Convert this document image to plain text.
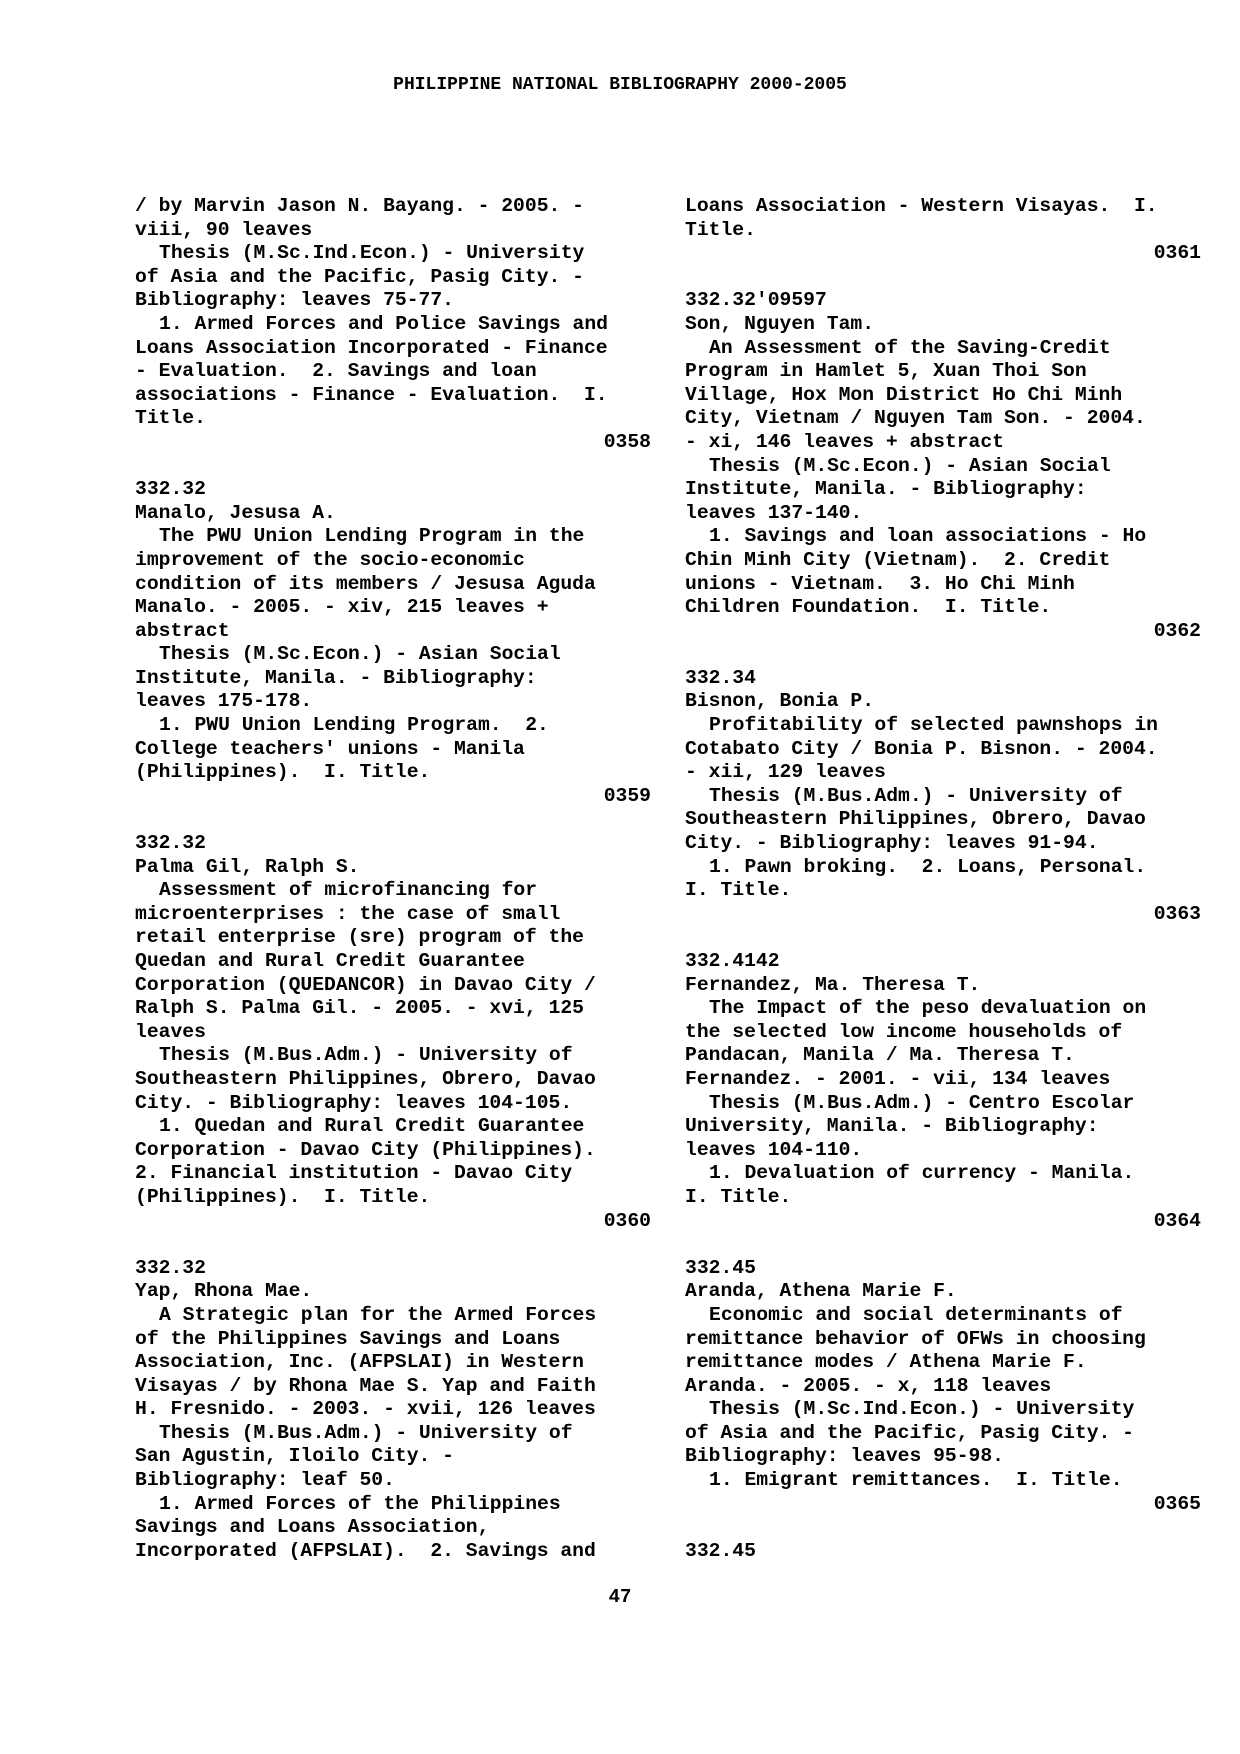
PHILIPPINE NATIONAL BIBLIOGRAPHY 2000-2005
/ by Marvin Jason N. Bayang. - 2005. -
viii, 90 leaves
Thesis (M.Sc.Ind.Econ.) - University
of Asia and the Pacific, Pasig City. -
Bibliography: leaves 75-77.
1. Armed Forces and Police Savings and
Loans Association Incorporated - Finance
- Evaluation.  2. Savings and loan
associations - Finance - Evaluation.  I.
Title.
0358
332.32
Manalo, Jesusa A.
The PWU Union Lending Program in the
improvement of the socio-economic
condition of its members / Jesusa Aguda
Manalo. - 2005. - xiv, 215 leaves +
abstract
Thesis (M.Sc.Econ.) - Asian Social
Institute, Manila. - Bibliography:
leaves 175-178.
1. PWU Union Lending Program.  2.
College teachers' unions - Manila
(Philippines).  I. Title.
0359
332.32
Palma Gil, Ralph S.
Assessment of microfinancing for
microenterprises : the case of small
retail enterprise (sre) program of the
Quedan and Rural Credit Guarantee
Corporation (QUEDANCOR) in Davao City /
Ralph S. Palma Gil. - 2005. - xvi, 125
leaves
Thesis (M.Bus.Adm.) - University of
Southeastern Philippines, Obrero, Davao
City. - Bibliography: leaves 104-105.
1. Quedan and Rural Credit Guarantee
Corporation - Davao City (Philippines).
2. Financial institution - Davao City
(Philippines).  I. Title.
0360
332.32
Yap, Rhona Mae.
A Strategic plan for the Armed Forces
of the Philippines Savings and Loans
Association, Inc. (AFPSLAI) in Western
Visayas / by Rhona Mae S. Yap and Faith
H. Fresnido. - 2003. - xvii, 126 leaves
Thesis (M.Bus.Adm.) - University of
San Agustin, Iloilo City. -
Bibliography: leaf 50.
1. Armed Forces of the Philippines
Savings and Loans Association,
Incorporated (AFPSLAI).  2. Savings and
Loans Association - Western Visayas.  I.
Title.
0361
332.32'09597
Son, Nguyen Tam.
An Assessment of the Saving-Credit
Program in Hamlet 5, Xuan Thoi Son
Village, Hox Mon District Ho Chi Minh
City, Vietnam / Nguyen Tam Son. - 2004.
- xi, 146 leaves + abstract
Thesis (M.Sc.Econ.) - Asian Social
Institute, Manila. - Bibliography:
leaves 137-140.
1. Savings and loan associations - Ho
Chin Minh City (Vietnam).  2. Credit
unions - Vietnam.  3. Ho Chi Minh
Children Foundation.  I. Title.
0362
332.34
Bisnon, Bonia P.
Profitability of selected pawnshops in
Cotabato City / Bonia P. Bisnon. - 2004.
- xii, 129 leaves
Thesis (M.Bus.Adm.) - University of
Southeastern Philippines, Obrero, Davao
City. - Bibliography: leaves 91-94.
1. Pawn broking.  2. Loans, Personal.
I. Title.
0363
332.4142
Fernandez, Ma. Theresa T.
The Impact of the peso devaluation on
the selected low income households of
Pandacan, Manila / Ma. Theresa T.
Fernandez. - 2001. - vii, 134 leaves
Thesis (M.Bus.Adm.) - Centro Escolar
University, Manila. - Bibliography:
leaves 104-110.
1. Devaluation of currency - Manila.
I. Title.
0364
332.45
Aranda, Athena Marie F.
Economic and social determinants of
remittance behavior of OFWs in choosing
remittance modes / Athena Marie F.
Aranda. - 2005. - x, 118 leaves
Thesis (M.Sc.Ind.Econ.) - University
of Asia and the Pacific, Pasig City. -
Bibliography: leaves 95-98.
1. Emigrant remittances.  I. Title.
0365
332.45
47
